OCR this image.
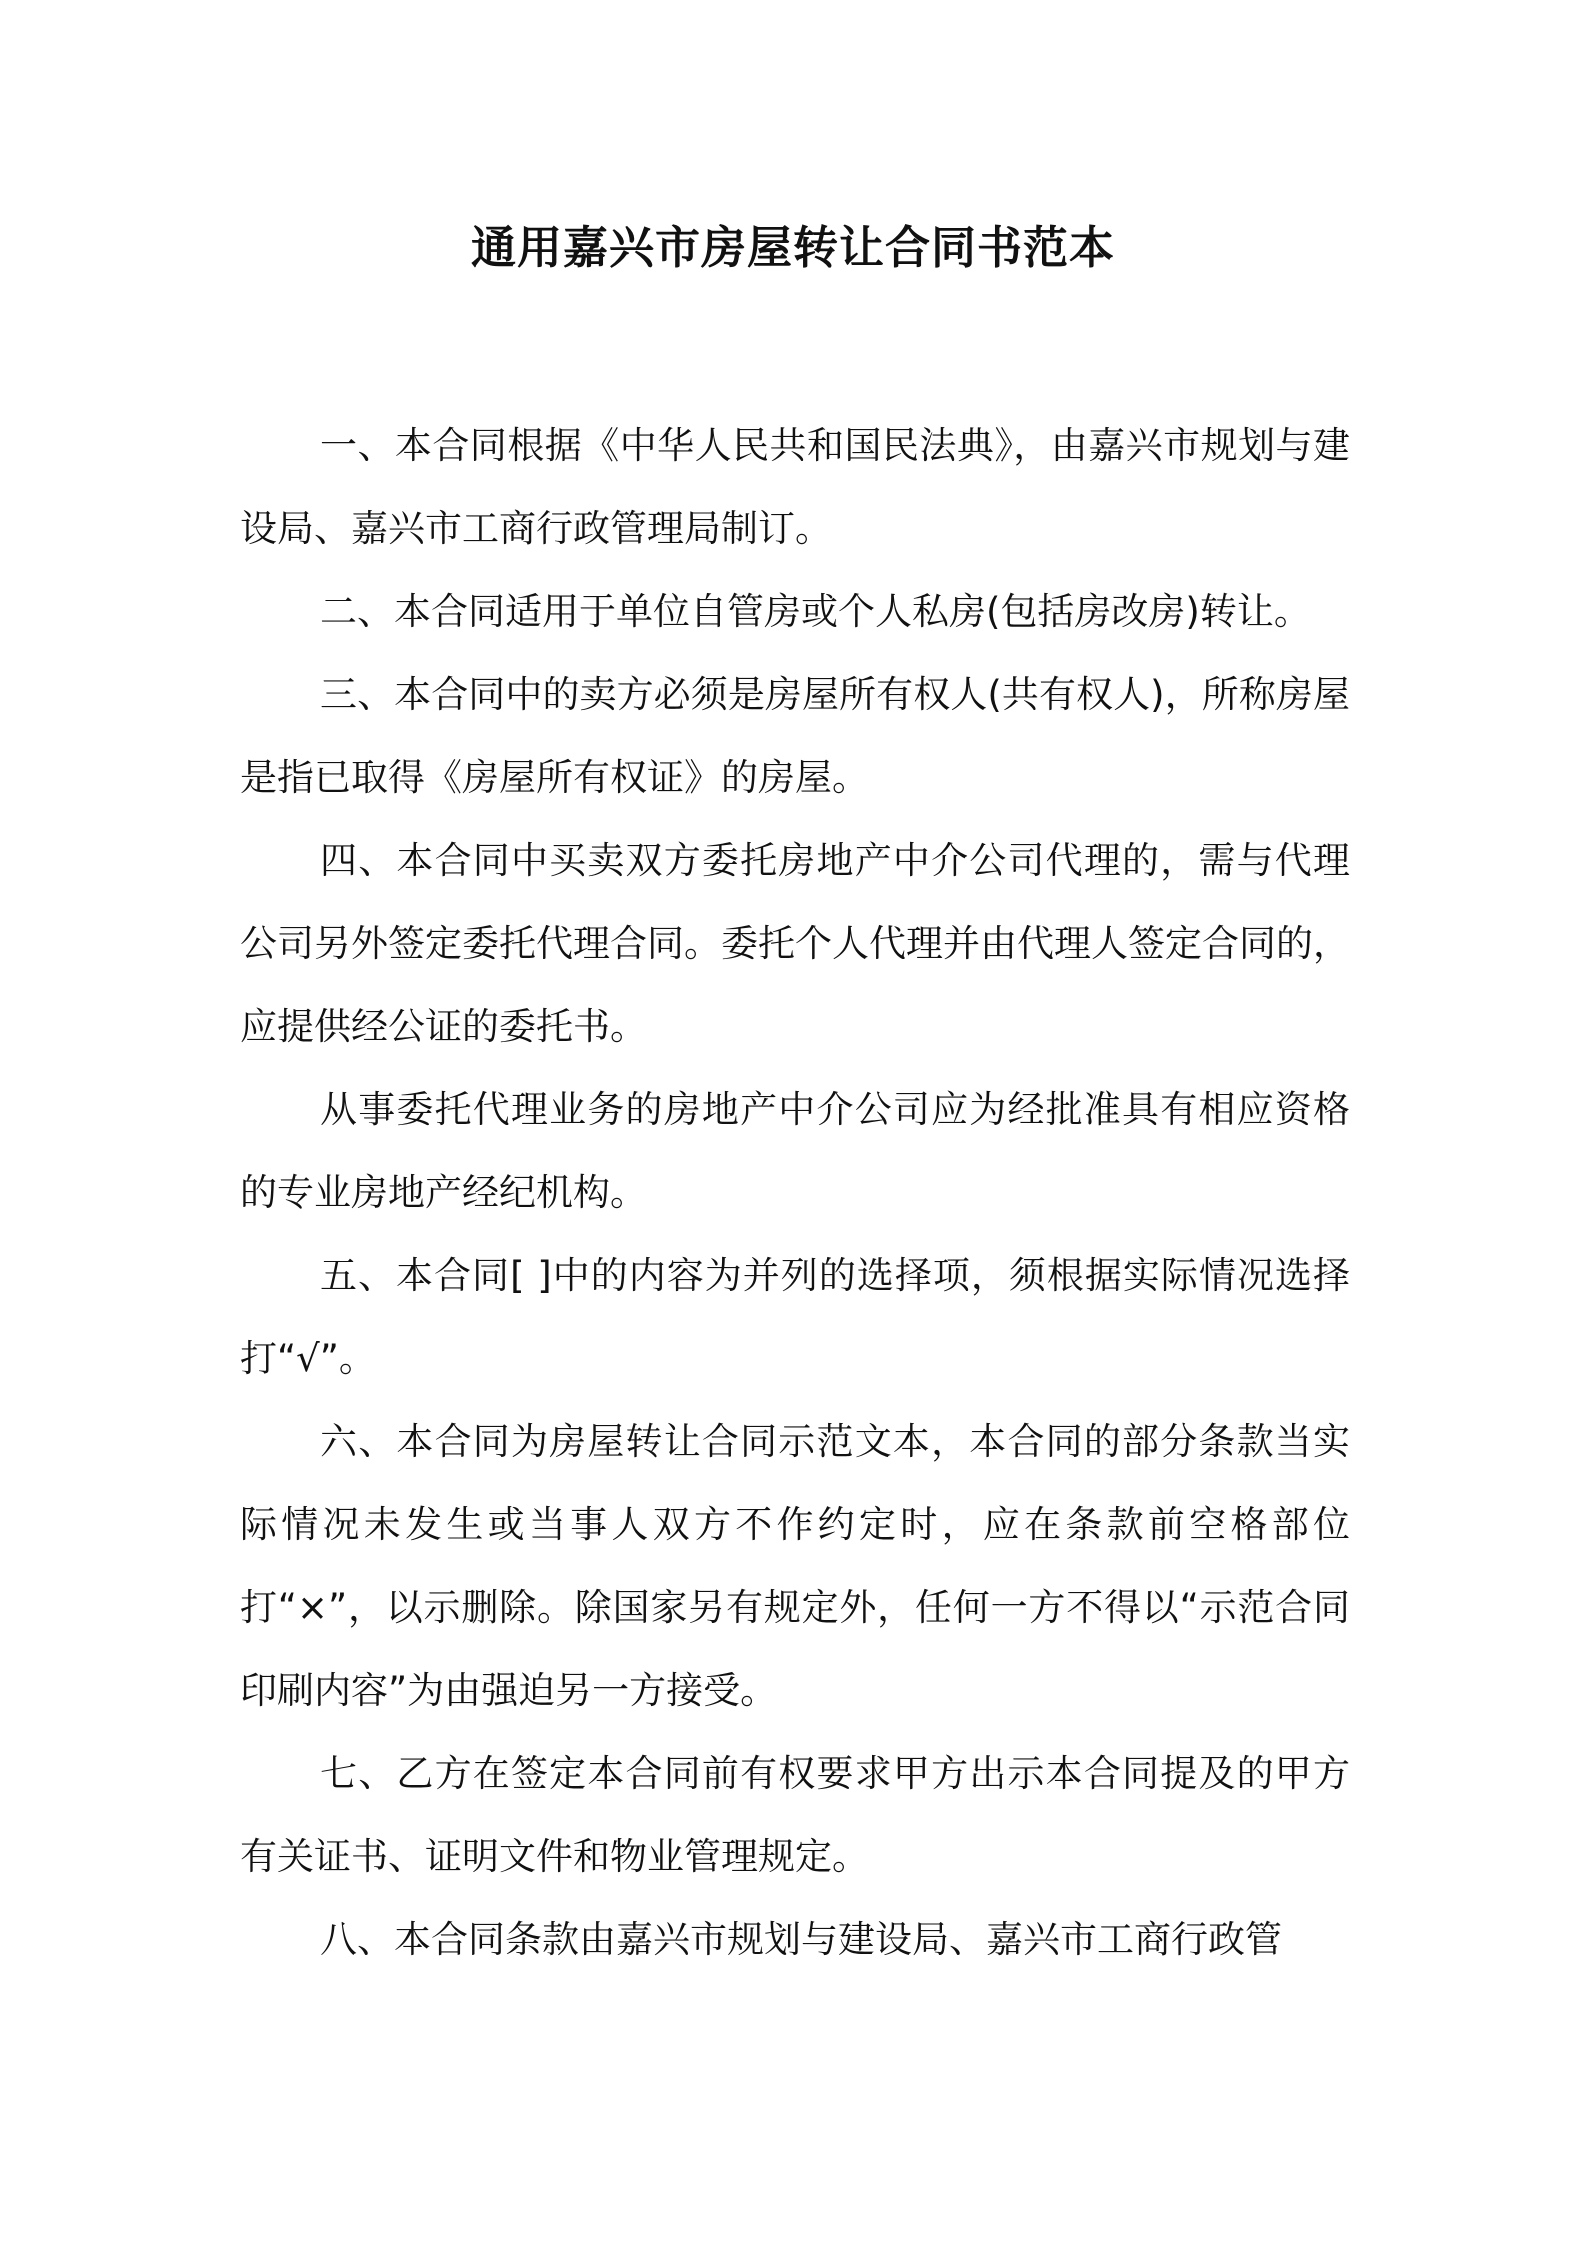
通用嘉兴市房屋转让合同书范本

一、本合同根据《中华人民共和国民法典》，由嘉兴市规划与建设局、嘉兴市工商行政管理局制订。

二、本合同适用于单位自管房或个人私房(包括房改房)转让。

三、本合同中的卖方必须是房屋所有权人(共有权人)，所称房屋是指已取得《房屋所有权证》的房屋。

四、本合同中买卖双方委托房地产中介公司代理的，需与代理公司另外签定委托代理合同。委托个人代理并由代理人签定合同的，应提供经公证的委托书。

从事委托代理业务的房地产中介公司应为经批准具有相应资格的专业房地产经纪机构。

五、本合同[ ]中的内容为并列的选择项，须根据实际情况选择打“√”。

六、本合同为房屋转让合同示范文本，本合同的部分条款当实际情况未发生或当事人双方不作约定时，应在条款前空格部位打“×”，以示删除。除国家另有规定外，任何一方不得以“示范合同印刷内容”为由强迫另一方接受。

七、乙方在签定本合同前有权要求甲方出示本合同提及的甲方有关证书、证明文件和物业管理规定。

八、本合同条款由嘉兴市规划与建设局、嘉兴市工商行政管
